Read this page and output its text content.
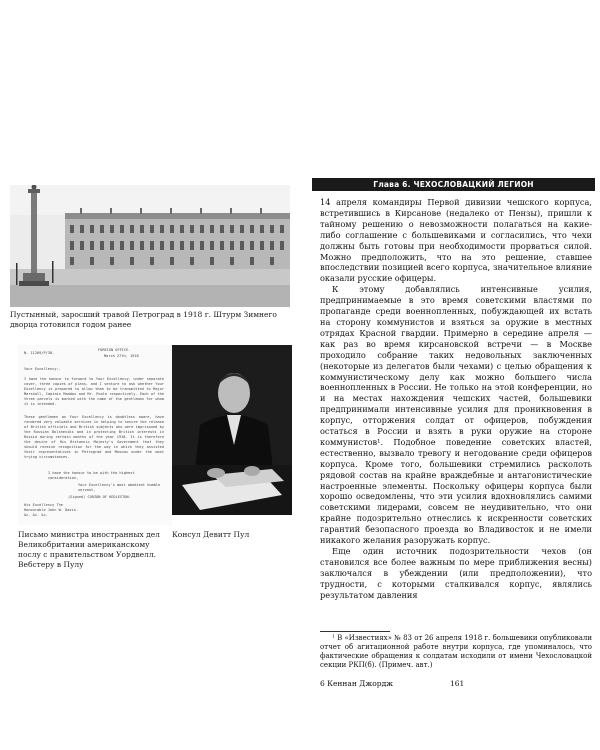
Пустынный, заросший травой Петроград в 1918 г. Штурм Зимнего дворца готовился годом ранее
N. 11209/P/38.
FOREIGN OFFICE.
March 27th, 1918
Your Excellency:-
I have the honour to forward to Your Excellency, under separate cover, three copies of plans, and I venture to ask whether Your Excellency is prepared to allow them to be transmitted to Major Marshall, Captain Maddox and Mr. Poole respectively. Each of the three parcels is marked with the name of the gentleman for whom it is intended.
These gentlemen as Your Excellency is doubtless aware, have rendered very valuable services in helping to secure the release of British officials and British subjects who were imprisoned by the Russian Bolsheviks and in protecting British interests in Russia during certain months of the year 1918. It is therefore the desire of His Britannic Majesty's Government that they should receive recognition for the way in which they assisted their representatives in Petrograd and Moscow under the most trying circumstances.
I have the honour to be with the highest consideration,
Your Excellency's most obedient humble servant,
(Signed) CURZON OF KEDLESTON.
His Excellency The Honourable John W. Davis. &c. &c. &c.
Письмо министра иностранных дел Великобритании американскому послу с правительством Уордвелл. Вебстеру в Пулу
Консул Девитт Пул
Глава 6. ЧЕХОСЛОВАЦКИЙ ЛЕГИОН

14 апреля командиры Первой дивизии чешского корпуса, встретившись в Кирсанове (недалеко от Пензы), пришли к тайному решению о невозможности полагаться на какие-либо соглашение с большевиками и согласились, что чехи должны быть готовы при необходимости прорваться силой. Можно предположить, что на это решение, ставшее впоследствии позицией всего корпуса, значительное влияние оказали русские офицеры.

К этому добавлялись интенсивные усилия, предпринимаемые в это время советскими властями по пропаганде среди военнопленных, побуждающей их встать на сторону коммунистов и взяться за оружие в местных отрядах Красной гвардии. Примерно в середине апреля — как раз во время кирсановской встречи — в Москве проходило собрание таких недовольных заключенных (некоторые из делегатов были чехами) с целью обращения к коммунистическому делу как можно большего числа военнопленных в России. Не только на этой конференции, но и на местах нахождения чешских частей, большевики предпринимали интенсивные усилия для проникновения в корпус, отторжения солдат от офицеров, побуждения остаться в России и взять в руки оружие на стороне коммунистов¹. Подобное поведение советских властей, естественно, вызвало тревогу и негодование среди офицеров корпуса. Кроме того, большевики стремились расколоть рядовой состав на крайне враждебные и антагонистические настроенные элементы. Поскольку офицеры корпуса были хорошо осведомлены, что эти усилия вдохновлялись самими советскими лидерами, совсем не неудивительно, что они крайне подозрительно отнеслись к искренности советских гарантий безопасного проезда во Владивосток и не имели никакого желания разоружать корпус.

Еще один источник подозрительности чехов (он становился все более важным по мере приближения весны) заключался в убеждении (или предположении), что трудности, с которыми сталкивался корпус, являлись результатом давления

¹ В «Известиях» № 83 от 26 апреля 1918 г. большевики опубликовали отчет об агитационной работе внутри корпуса, где упоминалось, что фактические обращения к солдатам исходили от имени Чехословацкой секции РКП(б). (Примеч. авт.)
6 Кеннан Джордж	161
